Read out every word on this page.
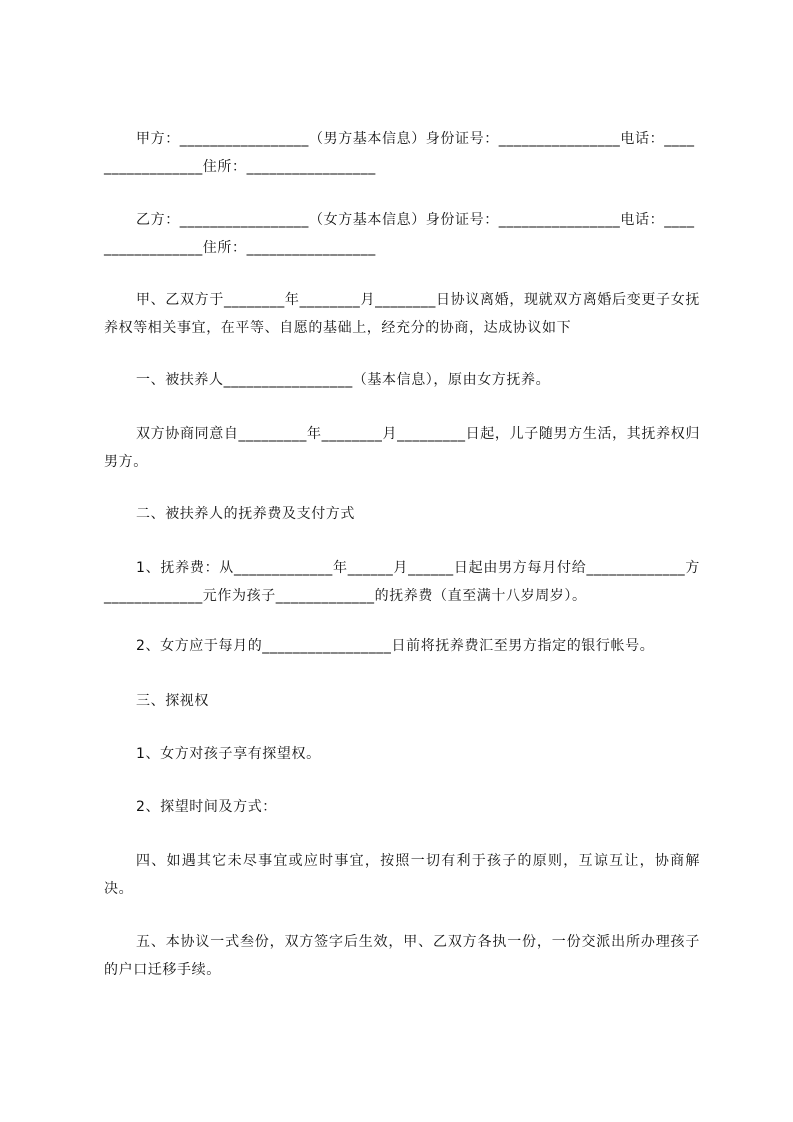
甲方：_________________（男方基本信息）身份证号：________________电话：_________________住所：_________________

乙方：_________________（女方基本信息）身份证号：________________电话：_________________住所：_________________

甲、乙双方于________年________月________日协议离婚，现就双方离婚后变更子女抚养权等相关事宜，在平等、自愿的基础上，经充分的协商，达成协议如下

一、被扶养人_________________（基本信息），原由女方抚养。

双方协商同意自_________年________月_________日起，儿子随男方生活，其抚养权归男方。

二、被扶养人的抚养费及支付方式

1、抚养费：从_____________年______月______日起由男方每月付给_____________方_____________元作为孩子_____________的抚养费（直至满十八岁周岁）。

2、女方应于每月的_________________日前将抚养费汇至男方指定的银行帐号。

三、探视权

1、女方对孩子享有探望权。

2、探望时间及方式：

四、如遇其它未尽事宜或应时事宜，按照一切有利于孩子的原则，互谅互让，协商解决。

五、本协议一式叁份，双方签字后生效，甲、乙双方各执一份，一份交派出所办理孩子的户口迁移手续。
